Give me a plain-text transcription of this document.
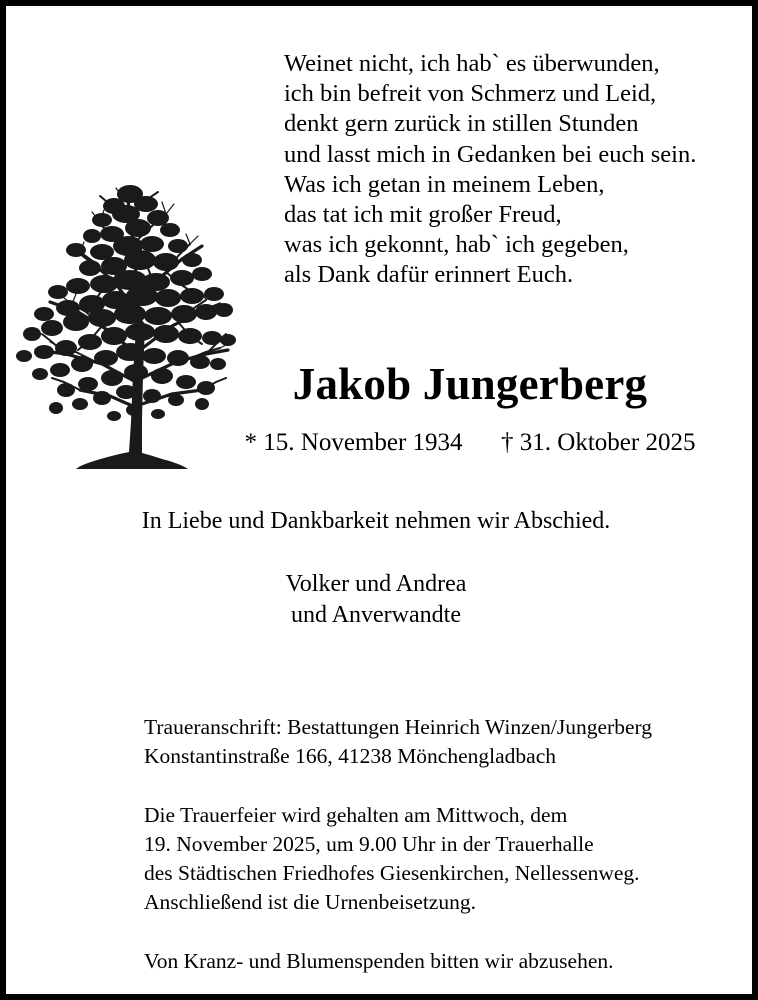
Weinet nicht, ich hab` es überwunden,
ich bin befreit von Schmerz und Leid,
denkt gern zurück in stillen Stunden
und lasst mich in Gedanken bei euch sein.
Was ich getan in meinem Leben,
das tat ich mit großer Freud,
was ich gekonnt, hab` ich gegeben,
als Dank dafür erinnert Euch.
Jakob Jungerberg
* 15. November 1934 † 31. Oktober 2025
In Liebe und Dankbarkeit nehmen wir Abschied.
Volker und Andrea
und Anverwandte
Traueranschrift: Bestattungen Heinrich Winzen/Jungerberg
Konstantinstraße 166, 41238 Mönchengladbach
Die Trauerfeier wird gehalten am Mittwoch, dem
19. November 2025, um 9.00 Uhr in der Trauerhalle
des Städtischen Friedhofes Giesenkirchen, Nellessenweg.
Anschließend ist die Urnenbeisetzung.
Von Kranz- und Blumenspenden bitten wir abzusehen.
